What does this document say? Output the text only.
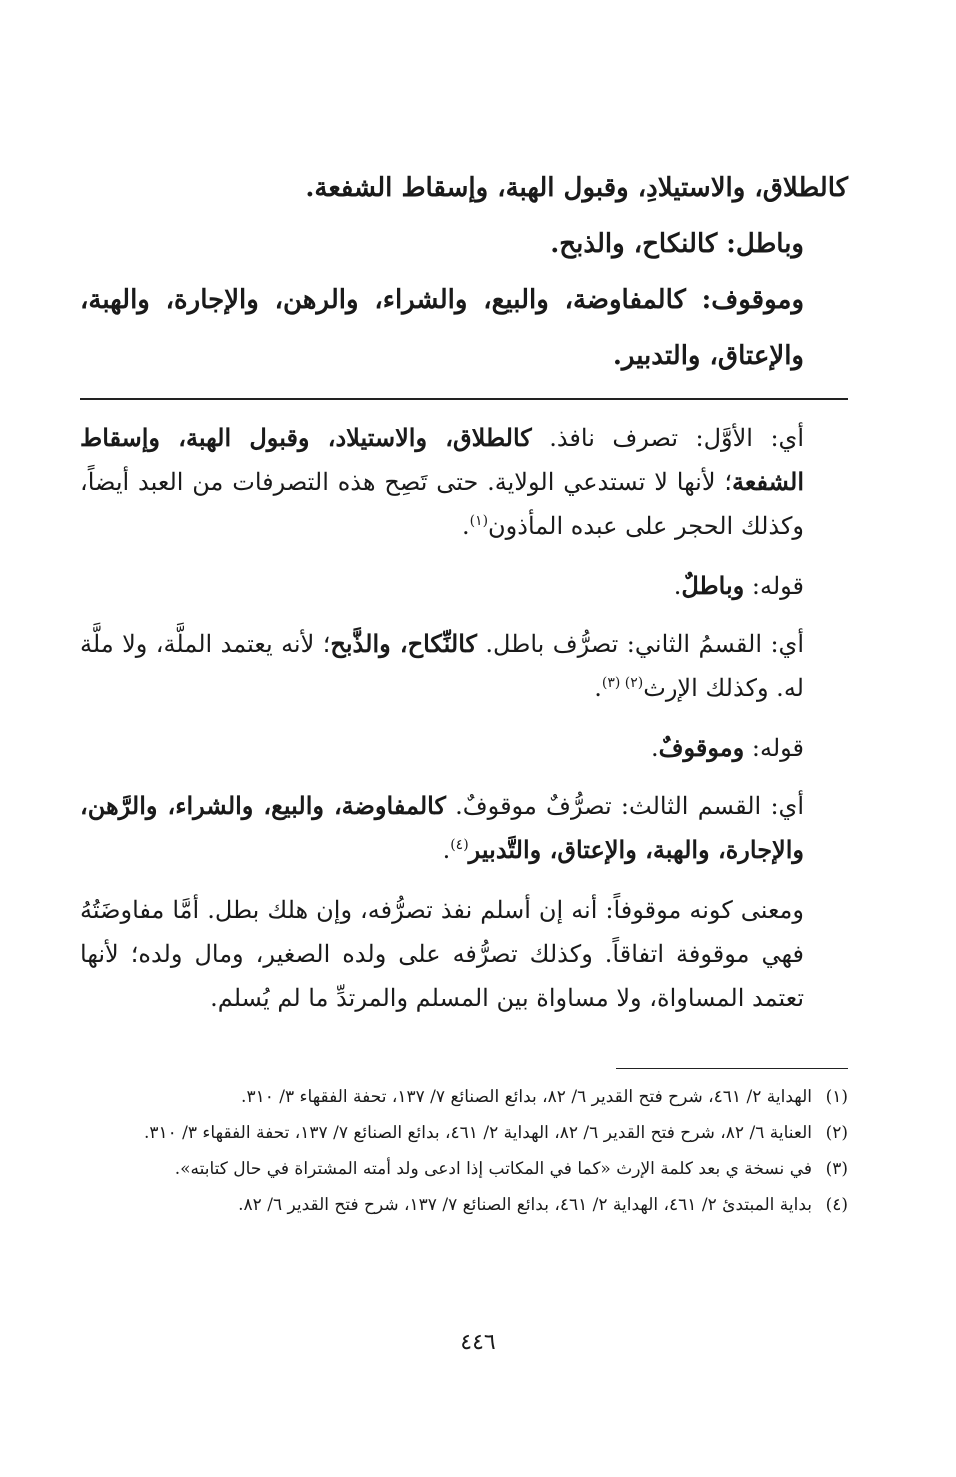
كالطلاق، والاستيلادِ، وقبول الهبة، وإسقاط الشفعة.

وباطل: كالنكاح، والذبح.

وموقوف: كالمفاوضة، والبيع، والشراء، والرهن، والإجارة، والهبة، والإعتاق، والتدبير.

أي: الأوَّل: تصرف نافذ. كالطلاق، والاستيلاد، وقبول الهبة، وإسقاط الشفعة؛ لأنها لا تستدعي الولاية. حتى تَصِح هذه التصرفات من العبد أيضاً، وكذلك الحجر على عبده المأذون$^{(١)}$.

قوله: وباطلٌ.

أي: القسمُ الثاني: تصرُّف باطل. كالنِّكاح، والذَّبح؛ لأنه يعتمد الملَّة، ولا ملَّة له. وكذلك الإرث$^{(٢) (٣)}$.

قوله: وموقوفٌ.

أي: القسم الثالث: تصرُّفٌ موقوفٌ. كالمفاوضة، والبيع، والشراء، والرَّهن، والإجارة، والهبة، والإعتاق، والتَّدبير$^{(٤)}$.

ومعنى كونه موقوفاً: أنه إن أسلم نفذ تصرُّفه، وإن هلك بطل. أمَّا مفاوضَتُهُ فهي موقوفة اتفاقاً. وكذلك تصرُّفه على ولده الصغير، ومال ولده؛ لأنها تعتمد المساواة، ولا مساواة بين المسلم والمرتدِّ ما لم يُسلم.

(١)
الهداية ٢/ ٤٦١، شرح فتح القدير ٦/ ٨٢، بدائع الصنائع ٧/ ١٣٧، تحفة الفقهاء ٣/ ٣١٠.
(٢)
العناية ٦/ ٨٢، شرح فتح القدير ٦/ ٨٢، الهداية ٢/ ٤٦١، بدائع الصنائع ٧/ ١٣٧، تحفة الفقهاء ٣/ ٣١٠.
(٣)
في نسخة ي بعد كلمة الإرث «كما في المكاتب إذا ادعى ولد أمته المشتراة في حال كتابته».
(٤)
بداية المبتدئ ٢/ ٤٦١، الهداية ٢/ ٤٦١، بدائع الصنائع ٧/ ١٣٧، شرح فتح القدير ٦/ ٨٢.
٤٤٦
